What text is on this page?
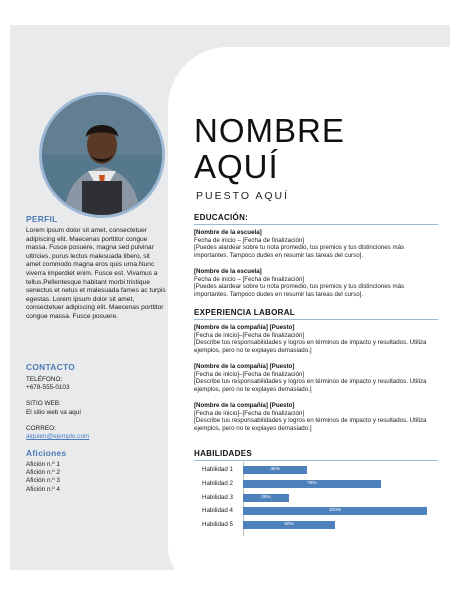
PERFIL
Lorem ipsum dolor sit amet, consectetuer adipiscing elit. Maecenas porttitor congue massa. Fusce posuere, magna sed pulvinar ultricies, purus lectus malesuada libero, sit amet commodo magna eros quis urna.Nunc viverra imperdiet enim. Fusce est. Vivamus a tellus.Pellentesque habitant morbi tristique senectus et netus et malesuada fames ac turpis egestas. Lorem ipsum dolor sit amet, consectetuer adipiscing elit. Maecenas porttitor congue massa. Fusce posuere.
CONTACTO
TELÉFONO:
+678-555-0103
SITIO WEB:
El sitio web va aquí
CORREO:
alguien@ejemplo.com
Aficiones
Afición n.º 1
Afición n.º 2
Afición n.º 3
Afición n.º 4
NOMBRE
AQUÍ
PUESTO AQUÍ
EDUCACIÓN:
[Nombre de la escuela]
Fecha de inicio – [Fecha de finalización]
[Puedes alardear sobre tu nota promedio, tus premios y tus distinciones más importantes. Tampoco dudes en resumir las tareas del curso].
[Nombre de la escuela]
Fecha de inicio – [Fecha de finalización]
[Puedes alardear sobre tu nota promedio, tus premios y tus distinciones más importantes. Tampoco dudes en resumir las tareas del curso].
EXPERIENCIA LABORAL
[Nombre de la compañía] [Puesto]
[Fecha de inicio]–[Fecha de finalización]
[Describe tus responsabilidades y logros en términos de impacto y resultados. Utiliza ejemplos, pero no te explayes demasiado.]
[Nombre de la compañía] [Puesto]
[Fecha de inicio]–[Fecha de finalización]
[Describe tus responsabilidades y logros en términos de impacto y resultados. Utiliza ejemplos, pero no te explayes demasiado.]
[Nombre de la compañía] [Puesto]
[Fecha de inicio]–[Fecha de finalización]
[Describe tus responsabilidades y logros en términos de impacto y resultados. Utiliza ejemplos, pero no te explayes demasiado.]
HABILIDADES
Habilidad 1	35%
Habilidad 2	75%
Habilidad 3	25%
Habilidad 4	100%
Habilidad 5	50%
